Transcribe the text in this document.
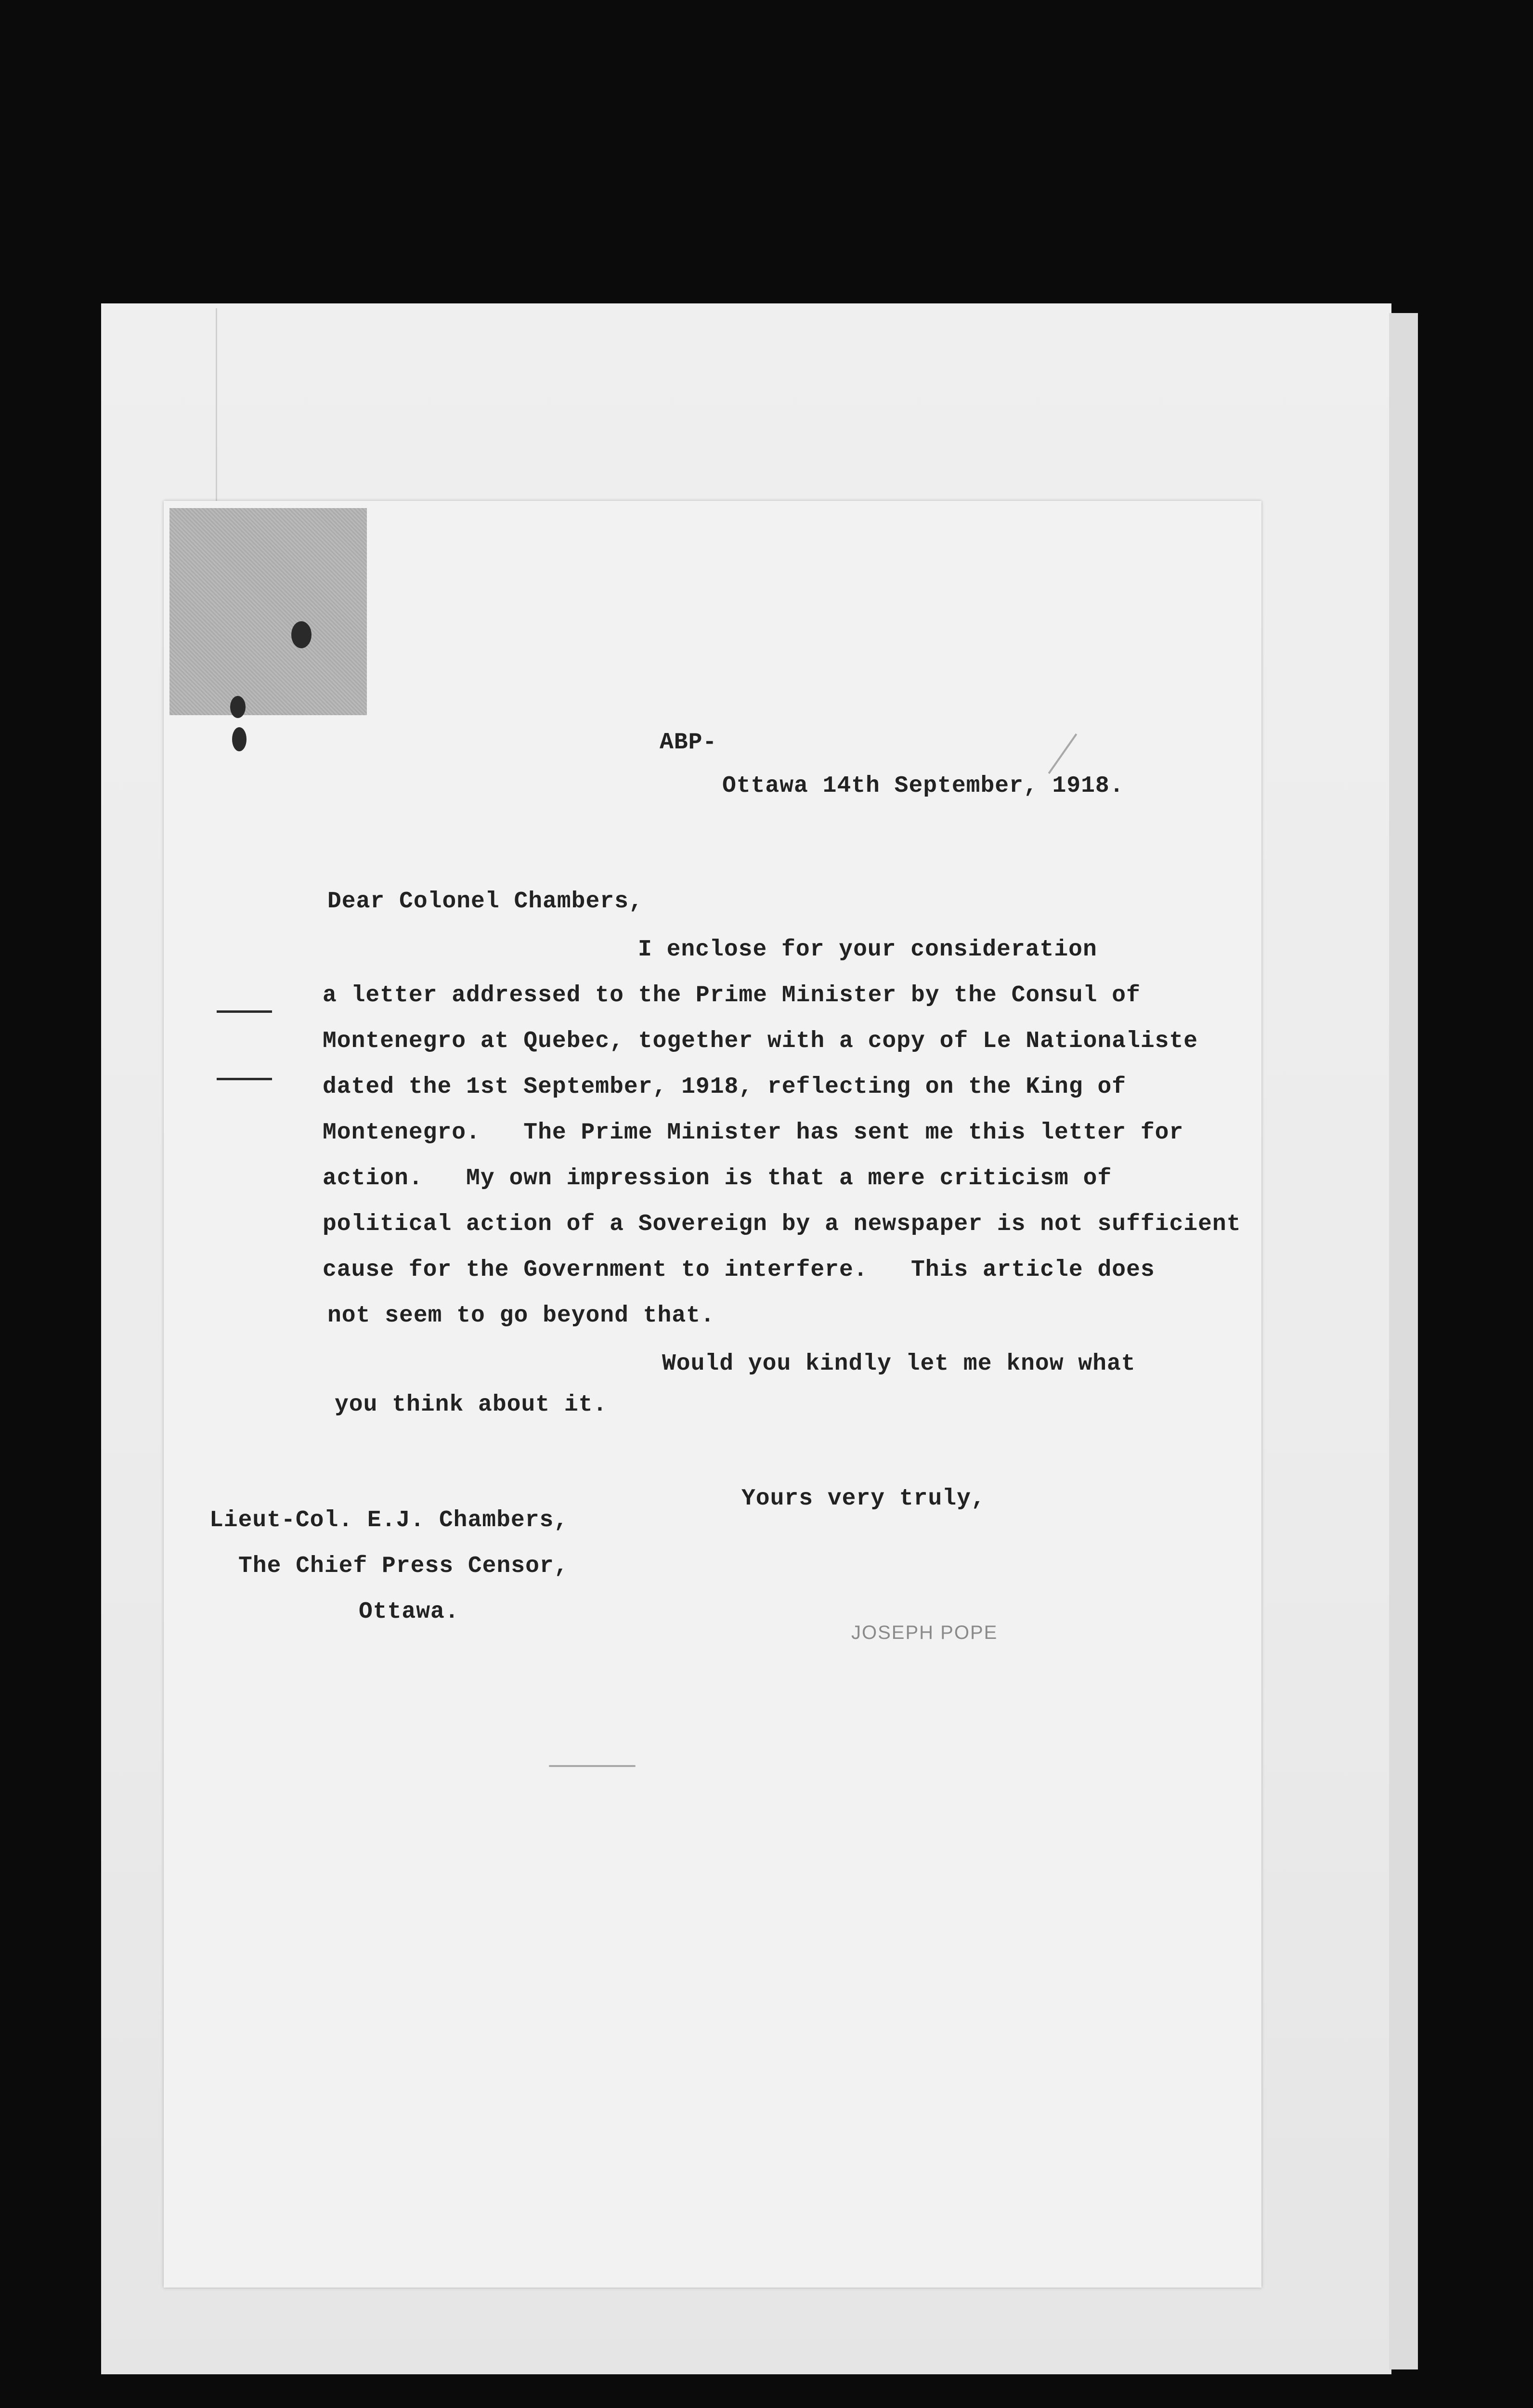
ABP-
Ottawa 14th September, 1918.
Dear Colonel Chambers,
I enclose for your consideration
a letter addressed to the Prime Minister by the Consul of
Montenegro at Quebec, together with a copy of Le Nationaliste
dated the 1st September, 1918, reflecting on the King of
Montenegro.   The Prime Minister has sent me this letter for
action.   My own impression is that a mere criticism of
political action of a Sovereign by a newspaper is not sufficient
cause for the Government to interfere.   This article does
not seem to go beyond that.
Would you kindly let me know what
you think about it.
Yours very truly,
Lieut-Col. E.J. Chambers,
The Chief Press Censor,
Ottawa.
JOSEPH POPE
